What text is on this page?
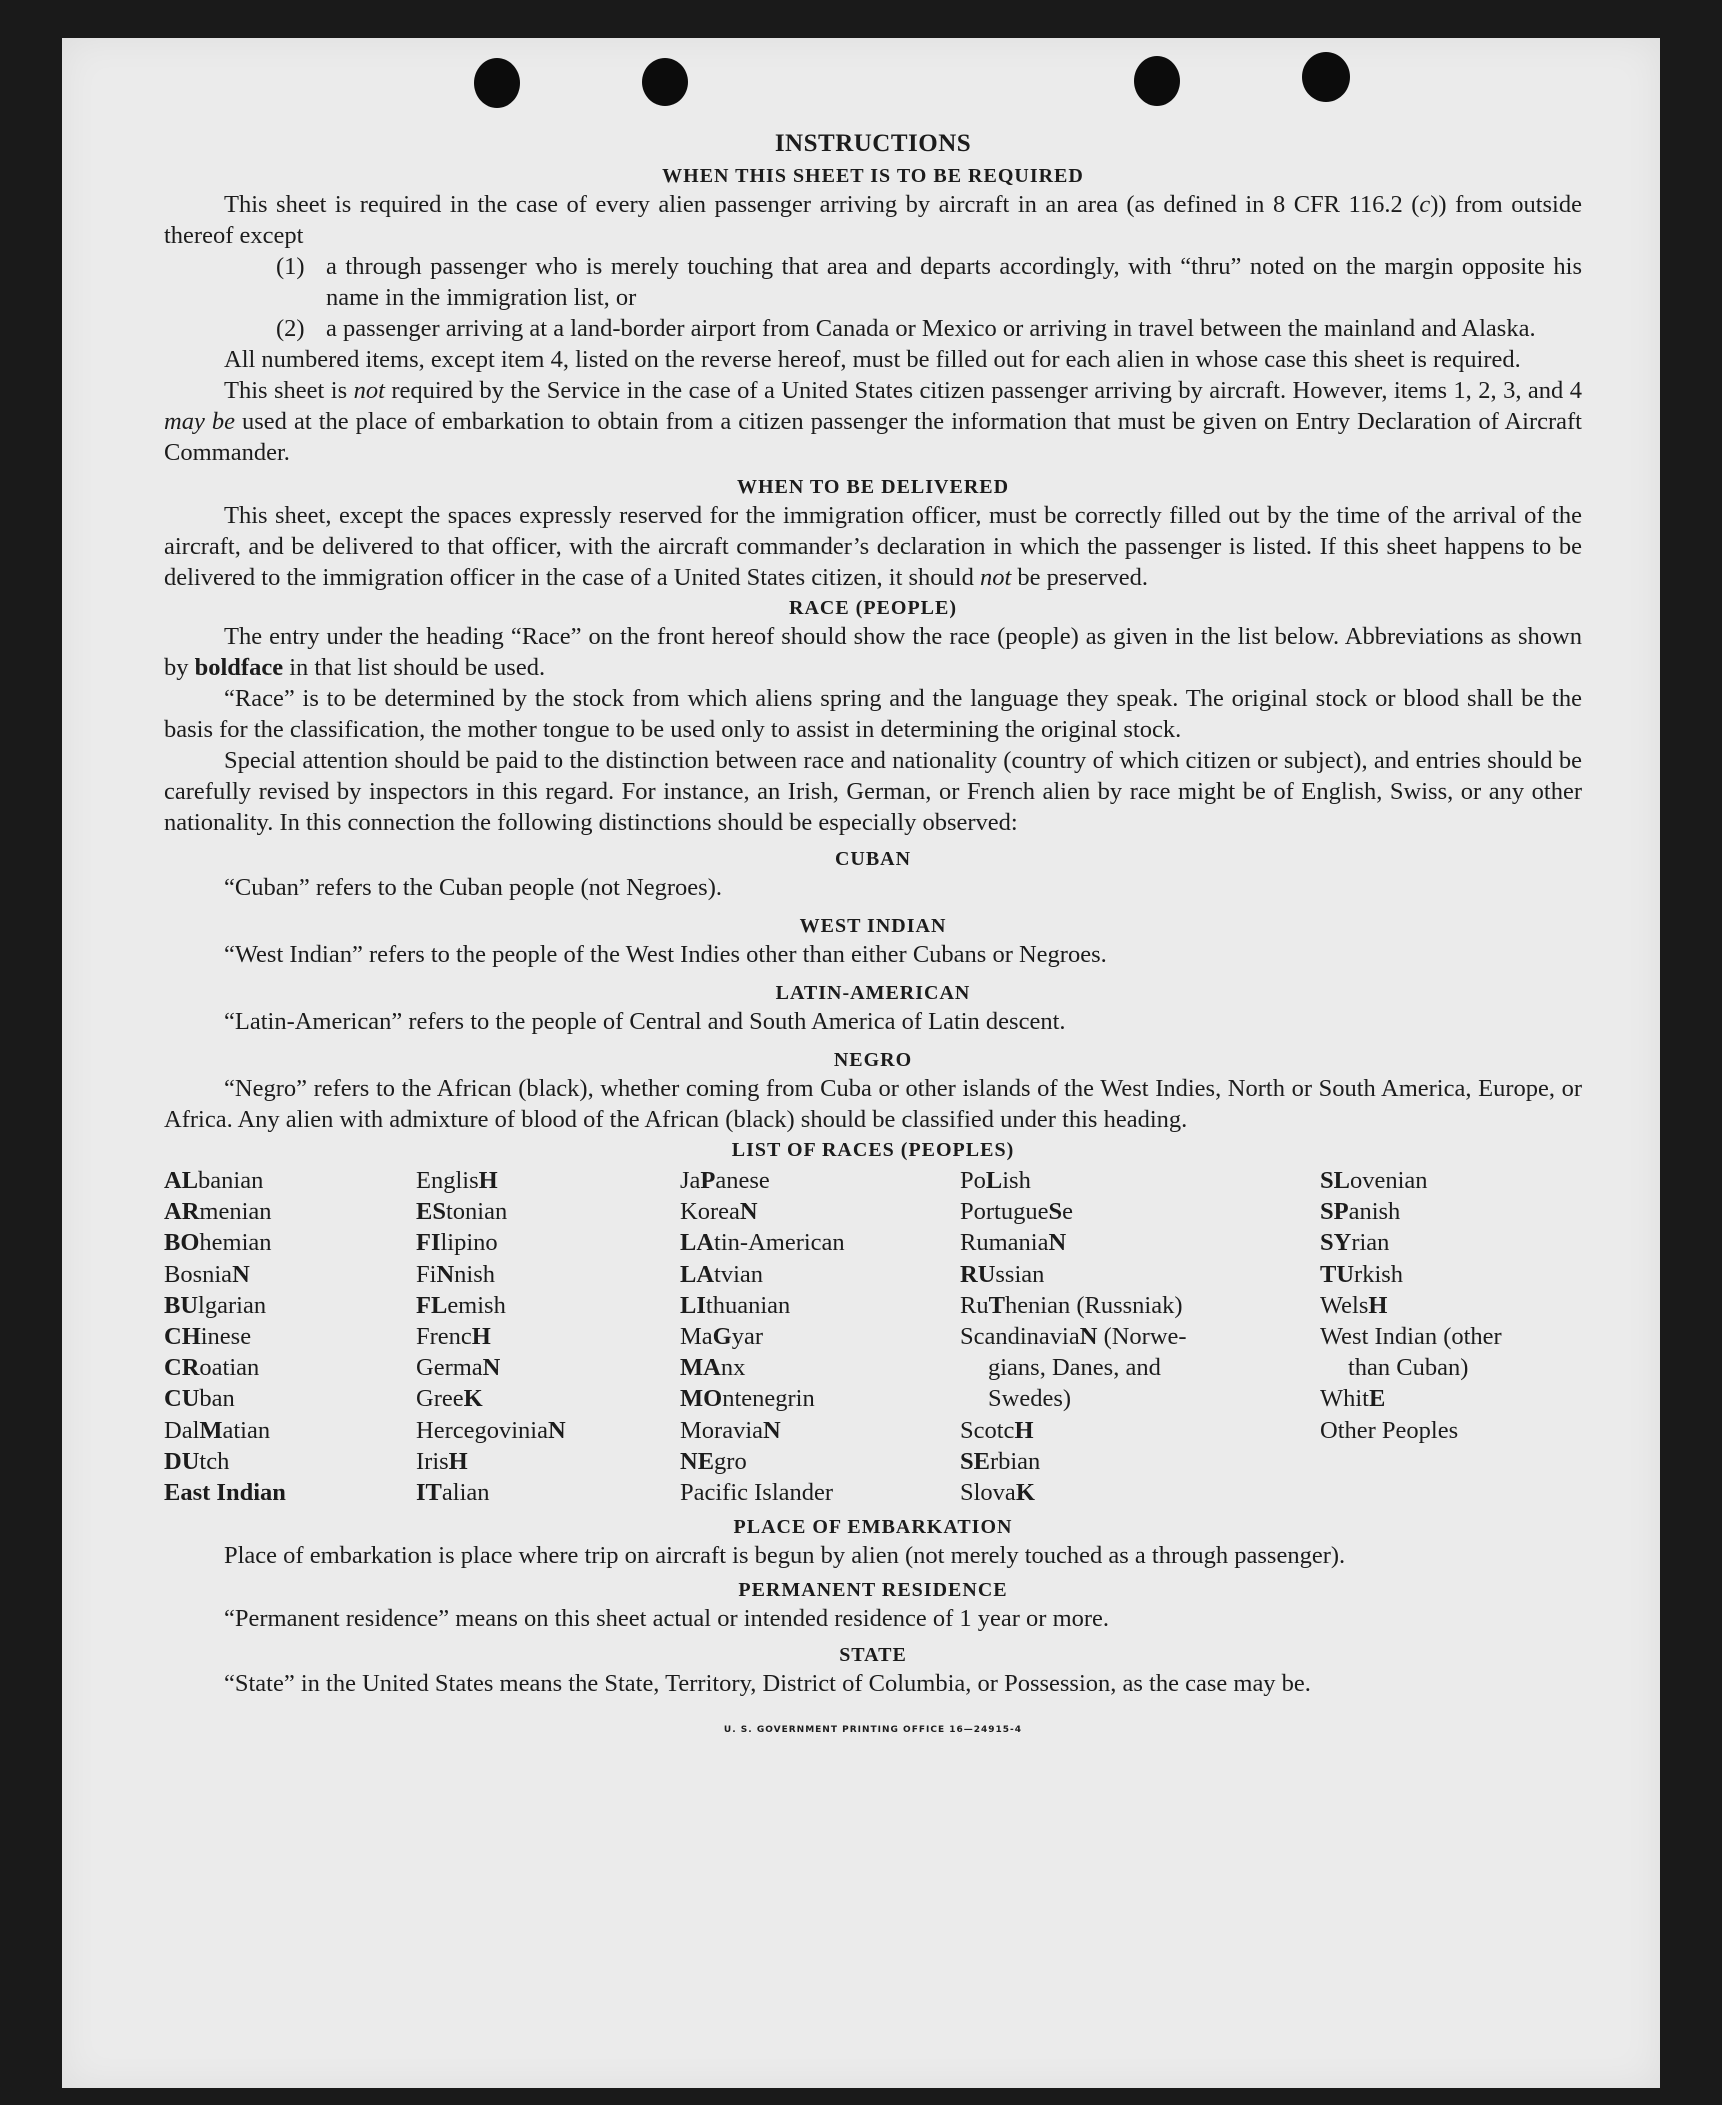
INSTRUCTIONS
WHEN THIS SHEET IS TO BE REQUIRED

This sheet is required in the case of every alien passenger arriving by aircraft in an area (as defined in 8 CFR 116.2 (c)) from outside thereof except

(1) a through passenger who is merely touching that area and departs accordingly, with “thru” noted on the margin opposite his name in the immigration list, or
(2) a passenger arriving at a land-border airport from Canada or Mexico or arriving in travel between the mainland and Alaska.

All numbered items, except item 4, listed on the reverse hereof, must be filled out for each alien in whose case this sheet is required.

This sheet is not required by the Service in the case of a United States citizen passenger arriving by aircraft. However, items 1, 2, 3, and 4 may be used at the place of embarkation to obtain from a citizen passenger the information that must be given on Entry Declaration of Aircraft Commander.

WHEN TO BE DELIVERED

This sheet, except the spaces expressly reserved for the immigration officer, must be correctly filled out by the time of the arrival of the aircraft, and be delivered to that officer, with the aircraft commander’s declaration in which the passenger is listed. If this sheet happens to be delivered to the immigration officer in the case of a United States citizen, it should not be preserved.

RACE (PEOPLE)

The entry under the heading “Race” on the front hereof should show the race (people) as given in the list below. Abbreviations as shown by boldface in that list should be used.

“Race” is to be determined by the stock from which aliens spring and the language they speak. The original stock or blood shall be the basis for the classification, the mother tongue to be used only to assist in determining the original stock.

Special attention should be paid to the distinction between race and nationality (country of which citizen or subject), and entries should be carefully revised by inspectors in this regard. For instance, an Irish, German, or French alien by race might be of English, Swiss, or any other nationality. In this connection the following distinctions should be especially observed:

CUBAN

“Cuban” refers to the Cuban people (not Negroes).

WEST INDIAN

“West Indian” refers to the people of the West Indies other than either Cubans or Negroes.

LATIN-AMERICAN

“Latin-American” refers to the people of Central and South America of Latin descent.

NEGRO

“Negro” refers to the African (black), whether coming from Cuba or other islands of the West Indies, North or South America, Europe, or Africa. Any alien with admixture of blood of the African (black) should be classified under this heading.

LIST OF RACES (PEOPLES)
ALbanian
ARmenian
BOhemian
BosniaN
BUlgarian
CHinese
CRoatian
CUban
DalMatian
DUtch
East Indian
EnglisH
EStonian
FIlipino
FiNnish
FLemish
FrencH
GermaN
GreeK
HercegoviniaN
IrisH
ITalian
JaPanese
KoreaN
LAtin-American
LAtvian
LIthuanian
MaGyar
MAnx
MOntenegrin
MoraviaN
NEgro
Pacific Islander
PoLish
PortugueSe
RumaniaN
RUssian
RuThenian (Russniak)
ScandinaviaN (Norwe-
gians, Danes, and
Swedes)
ScotcH
SErbian
SlovaK
SLovenian
SPanish
SYrian
TUrkish
WelsH
West Indian (other
than Cuban)
WhitE
Other Peoples
PLACE OF EMBARKATION

Place of embarkation is place where trip on aircraft is begun by alien (not merely touched as a through passenger).

PERMANENT RESIDENCE

“Permanent residence” means on this sheet actual or intended residence of 1 year or more.

STATE

“State” in the United States means the State, Territory, District of Columbia, or Possession, as the case may be.

U. S. GOVERNMENT PRINTING OFFICE 16—24915-4
